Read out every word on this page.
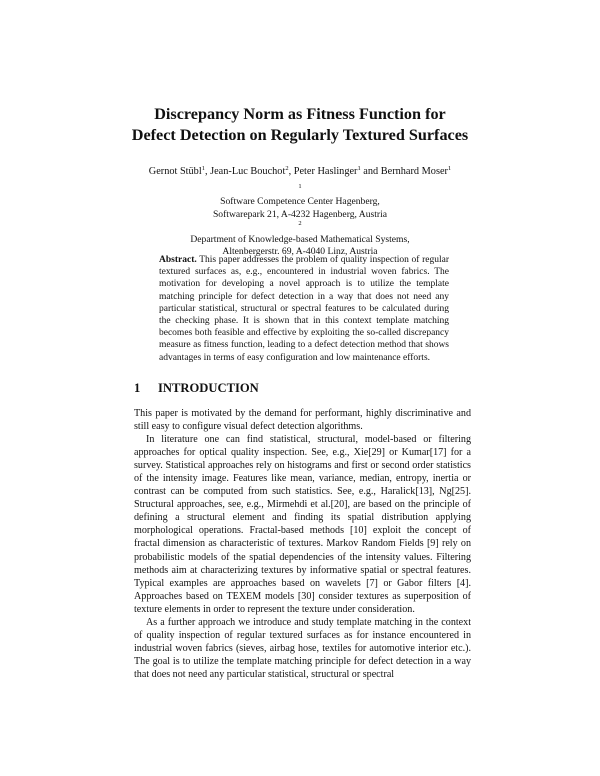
Discrepancy Norm as Fitness Function for
Defect Detection on Regularly Textured Surfaces
Gernot Stübl$^1$, Jean-Luc Bouchot$^2$, Peter Haslinger$^1$ and Bernhard Moser$^1$
$^1$
Software Competence Center Hagenberg,
Softwarepark 21, A-4232 Hagenberg, Austria
$^2$
Department of Knowledge-based Mathematical Systems,
Altenbergerstr. 69, A-4040 Linz, Austria
Abstract. This paper addresses the problem of quality inspection of regular textured surfaces as, e.g., encountered in industrial woven fabrics. The motivation for developing a novel approach is to utilize the template matching principle for defect detection in a way that does not need any particular statistical, structural or spectral features to be calculated during the checking phase. It is shown that in this context template matching becomes both feasible and effective by exploiting the so-called discrepancy measure as fitness function, leading to a defect detection method that shows advantages in terms of easy configuration and low maintenance efforts.
1 INTRODUCTION

This paper is motivated by the demand for performant, highly discriminative and still easy to configure visual defect detection algorithms.

In literature one can find statistical, structural, model-based or filtering approaches for optical quality inspection. See, e.g., Xie[29] or Kumar[17] for a survey. Statistical approaches rely on histograms and first or second order statistics of the intensity image. Features like mean, variance, median, entropy, inertia or contrast can be computed from such statistics. See, e.g., Haralick[13], Ng[25]. Structural approaches, see, e.g., Mirmehdi et al.[20], are based on the principle of defining a structural element and finding its spatial distribution applying morphological operations. Fractal-based methods [10] exploit the concept of fractal dimension as characteristic of textures. Markov Random Fields [9] rely on probabilistic models of the spatial dependencies of the intensity values. Filtering methods aim at characterizing textures by informative spatial or spectral features. Typical examples are approaches based on wavelets [7] or Gabor filters [4]. Approaches based on TEXEM models [30] consider textures as superposition of texture elements in order to represent the texture under consideration.

As a further approach we introduce and study template matching in the context of quality inspection of regular textured surfaces as for instance encountered in industrial woven fabrics (sieves, airbag hose, textiles for automotive interior etc.). The goal is to utilize the template matching principle for defect detection in a way that does not need any particular statistical, structural or spectral
